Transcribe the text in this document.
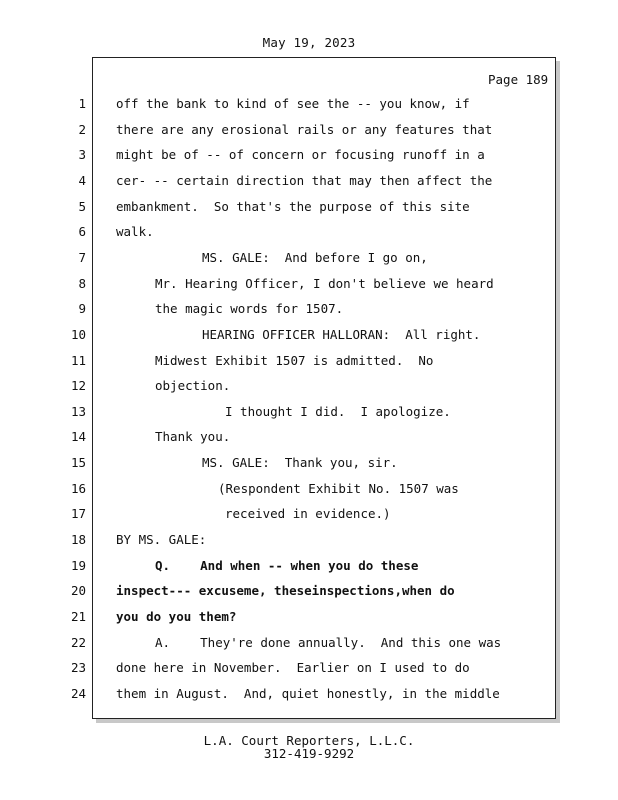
May 19, 2023
Page 189
1 off the bank to kind of see the -- you know, if
2 there are any erosional rails or any features that
3 might be of -- of concern or focusing runoff in a
4 cer- -- certain direction that may then affect the
5 embankment.  So that's the purpose of this site
6 walk.
7	MS. GALE:  And before I go on,
8	Mr. Hearing Officer, I don't believe we heard
9	the magic words for 1507.
10	HEARING OFFICER HALLORAN:  All right.
11	Midwest Exhibit 1507 is admitted.  No
12	objection.
13	I thought I did.  I apologize.
14	Thank you.
15	MS. GALE:  Thank you, sir.
16	(Respondent Exhibit No. 1507 was
17	received in evidence.)
18 BY MS. GALE:
19	Q.    And when -- when you do these
20 inspect--- excuseme, theseinspections,when do
21 you do you them?
22	A.    They're done annually.  And this one was
23 done here in November.  Earlier on I used to do
24 them in August.  And, quiet honestly, in the middle
L.A. Court Reporters, L.L.C.
312-419-9292
